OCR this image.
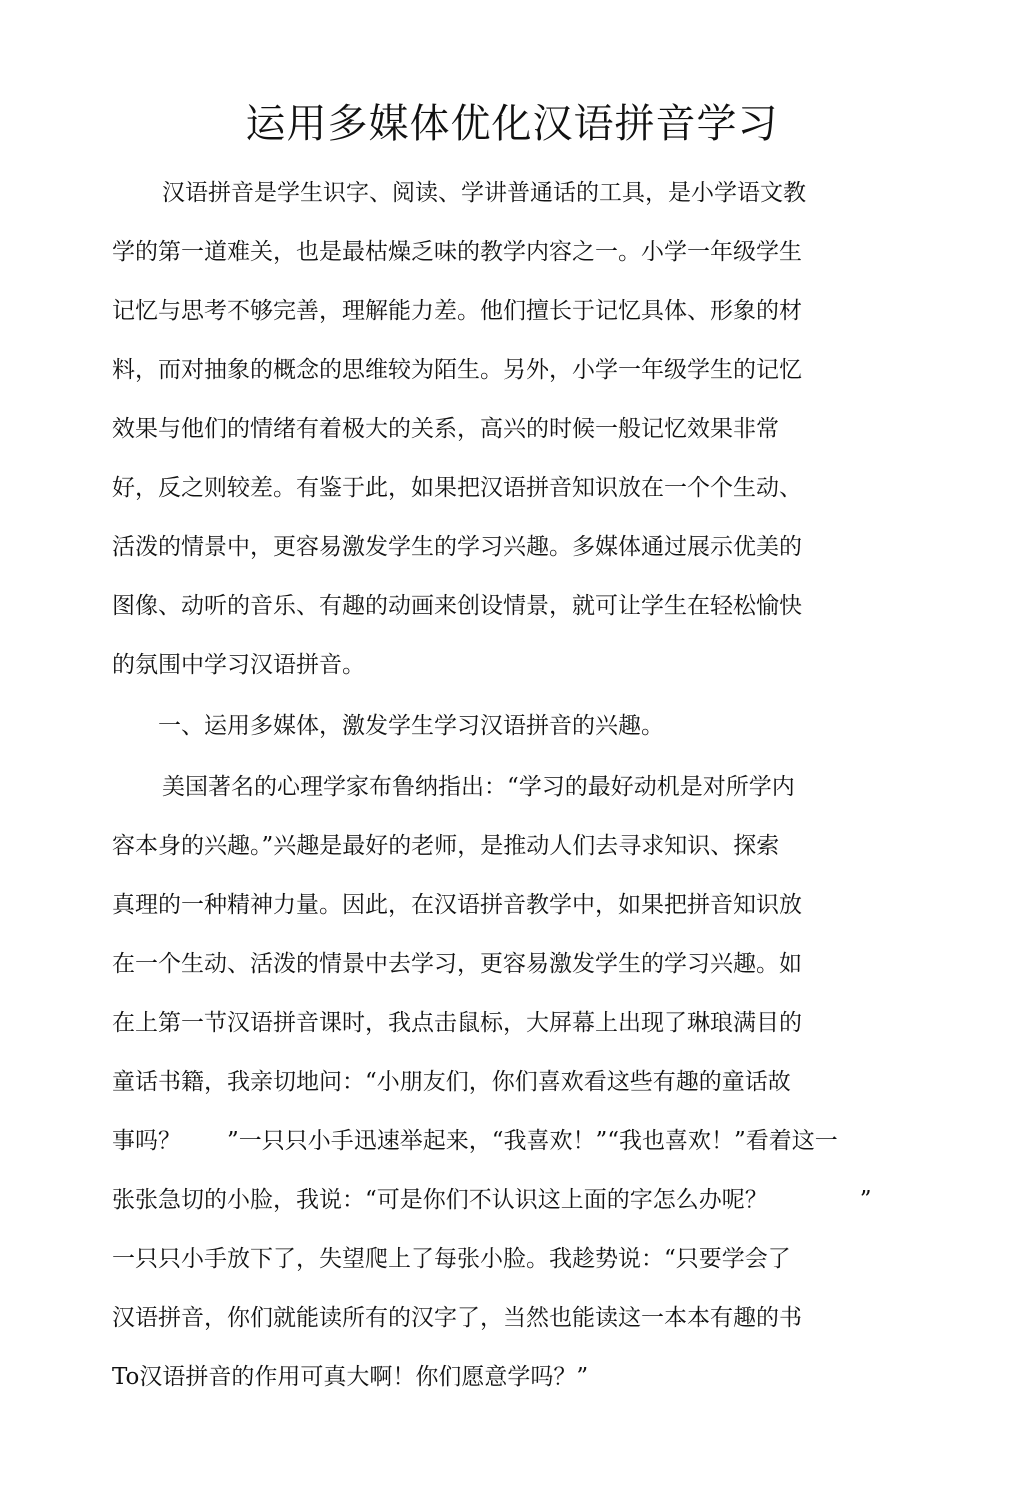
运用多媒体优化汉语拼音学习

汉语拼音是学生识字、阅读、学讲普通话的工具，是小学语文教

学的第一道难关，也是最枯燥乏味的教学内容之一。小学一年级学生

记忆与思考不够完善，理解能力差。他们擅长于记忆具体、形象的材

料，而对抽象的概念的思维较为陌生。另外，小学一年级学生的记忆

效果与他们的情绪有着极大的关系，高兴的时候一般记忆效果非常

好，反之则较差。有鉴于此，如果把汉语拼音知识放在一个个生动、

活泼的情景中，更容易激发学生的学习兴趣。多媒体通过展示优美的

图像、动听的音乐、有趣的动画来创设情景，就可让学生在轻松愉快

的氛围中学习汉语拼音。

一、运用多媒体，激发学生学习汉语拼音的兴趣。

美国著名的心理学家布鲁纳指出：“学习的最好动机是对所学内

容本身的兴趣。”兴趣是最好的老师，是推动人们去寻求知识、探索

真理的一种精神力量。因此，在汉语拼音教学中，如果把拼音知识放

在一个生动、活泼的情景中去学习，更容易激发学生的学习兴趣。如

在上第一节汉语拼音课时，我点击鼠标，大屏幕上出现了琳琅满目的

童话书籍，我亲切地问：“小朋友们，你们喜欢看这些有趣的童话故

事吗？　　”一只只小手迅速举起来，“我喜欢！”“我也喜欢！”看着这一

张张急切的小脸，我说：“可是你们不认识这上面的字怎么办呢？　　　　”

一只只小手放下了，失望爬上了每张小脸。我趁势说：“只要学会了

汉语拼音，你们就能读所有的汉字了，当然也能读这一本本有趣的书

To汉语拼音的作用可真大啊！你们愿意学吗？”
